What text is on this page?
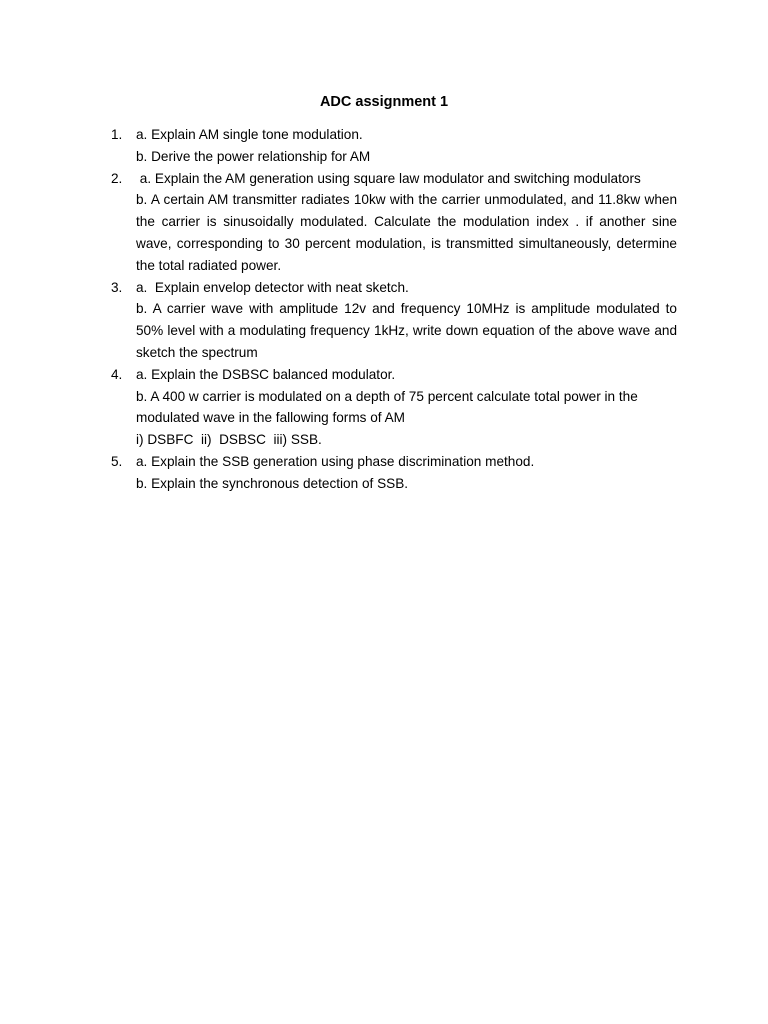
ADC assignment 1
1.	a. Explain AM single tone modulation.
b. Derive the power relationship for AM
2.	a. Explain the AM generation using square law modulator and switching modulators
b. A certain AM transmitter radiates 10kw with the carrier unmodulated, and 11.8kw when the carrier is sinusoidally modulated. Calculate the modulation index . if another sine wave, corresponding to 30 percent modulation, is transmitted simultaneously, determine the total radiated power.
3.	a.  Explain envelop detector with neat sketch.
b. A carrier wave with amplitude 12v and frequency 10MHz is amplitude modulated to 50% level with a modulating frequency 1kHz, write down equation of the above wave and sketch the spectrum
4.	a. Explain the DSBSC balanced modulator.
b. A 400 w carrier is modulated on a depth of 75 percent calculate total power in the modulated wave in the fallowing forms of AM
i) DSBFC  ii)  DSBSC  iii) SSB.
5.	a. Explain the SSB generation using phase discrimination method.
b. Explain the synchronous detection of SSB.
